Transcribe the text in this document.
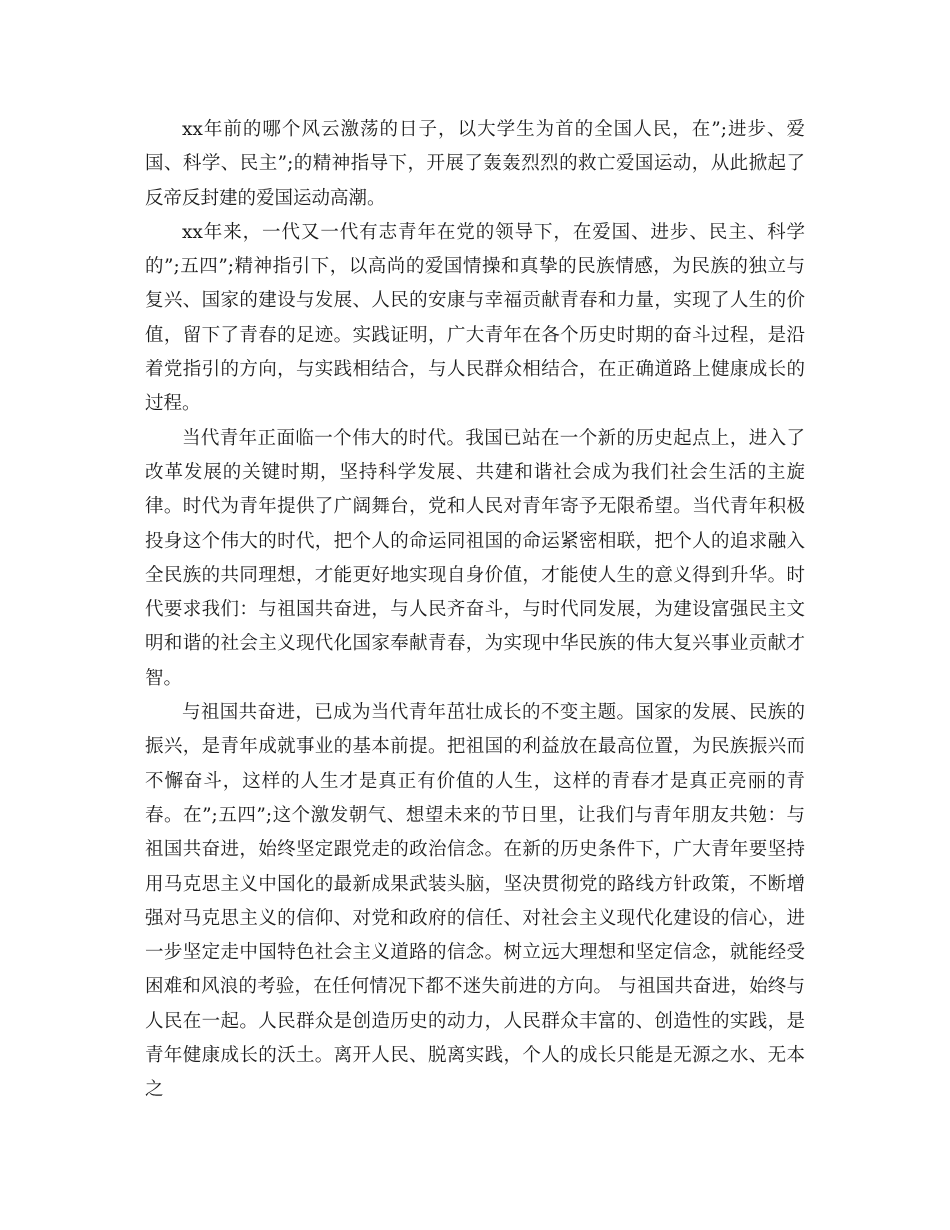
xx年前的哪个风云激荡的日子，以大学生为首的全国人民，在”;进步、爱国、科学、民主”;的精神指导下，开展了轰轰烈烈的救亡爱国运动，从此掀起了反帝反封建的爱国运动高潮。

xx年来，一代又一代有志青年在党的领导下，在爱国、进步、民主、科学的”;五四”;精神指引下，以高尚的爱国情操和真挚的民族情感，为民族的独立与复兴、国家的建设与发展、人民的安康与幸福贡献青春和力量，实现了人生的价值，留下了青春的足迹。实践证明，广大青年在各个历史时期的奋斗过程，是沿着党指引的方向，与实践相结合，与人民群众相结合，在正确道路上健康成长的过程。

当代青年正面临一个伟大的时代。我国已站在一个新的历史起点上，进入了改革发展的关键时期，坚持科学发展、共建和谐社会成为我们社会生活的主旋律。时代为青年提供了广阔舞台，党和人民对青年寄予无限希望。当代青年积极投身这个伟大的时代，把个人的命运同祖国的命运紧密相联，把个人的追求融入全民族的共同理想，才能更好地实现自身价值，才能使人生的意义得到升华。时代要求我们：与祖国共奋进，与人民齐奋斗，与时代同发展，为建设富强民主文明和谐的社会主义现代化国家奉献青春，为实现中华民族的伟大复兴事业贡献才智。

与祖国共奋进，已成为当代青年茁壮成长的不变主题。国家的发展、民族的振兴，是青年成就事业的基本前提。把祖国的利益放在最高位置，为民族振兴而不懈奋斗，这样的人生才是真正有价值的人生，这样的青春才是真正亮丽的青春。在”;五四”;这个激发朝气、想望未来的节日里，让我们与青年朋友共勉：与祖国共奋进，始终坚定跟党走的政治信念。在新的历史条件下，广大青年要坚持用马克思主义中国化的最新成果武装头脑，坚决贯彻党的路线方针政策，不断增强对马克思主义的信仰、对党和政府的信任、对社会主义现代化建设的信心，进一步坚定走中国特色社会主义道路的信念。树立远大理想和坚定信念，就能经受困难和风浪的考验，在任何情况下都不迷失前进的方向。 与祖国共奋进，始终与人民在一起。人民群众是创造历史的动力，人民群众丰富的、创造性的实践，是青年健康成长的沃土。离开人民、脱离实践，个人的成长只能是无源之水、无本之
